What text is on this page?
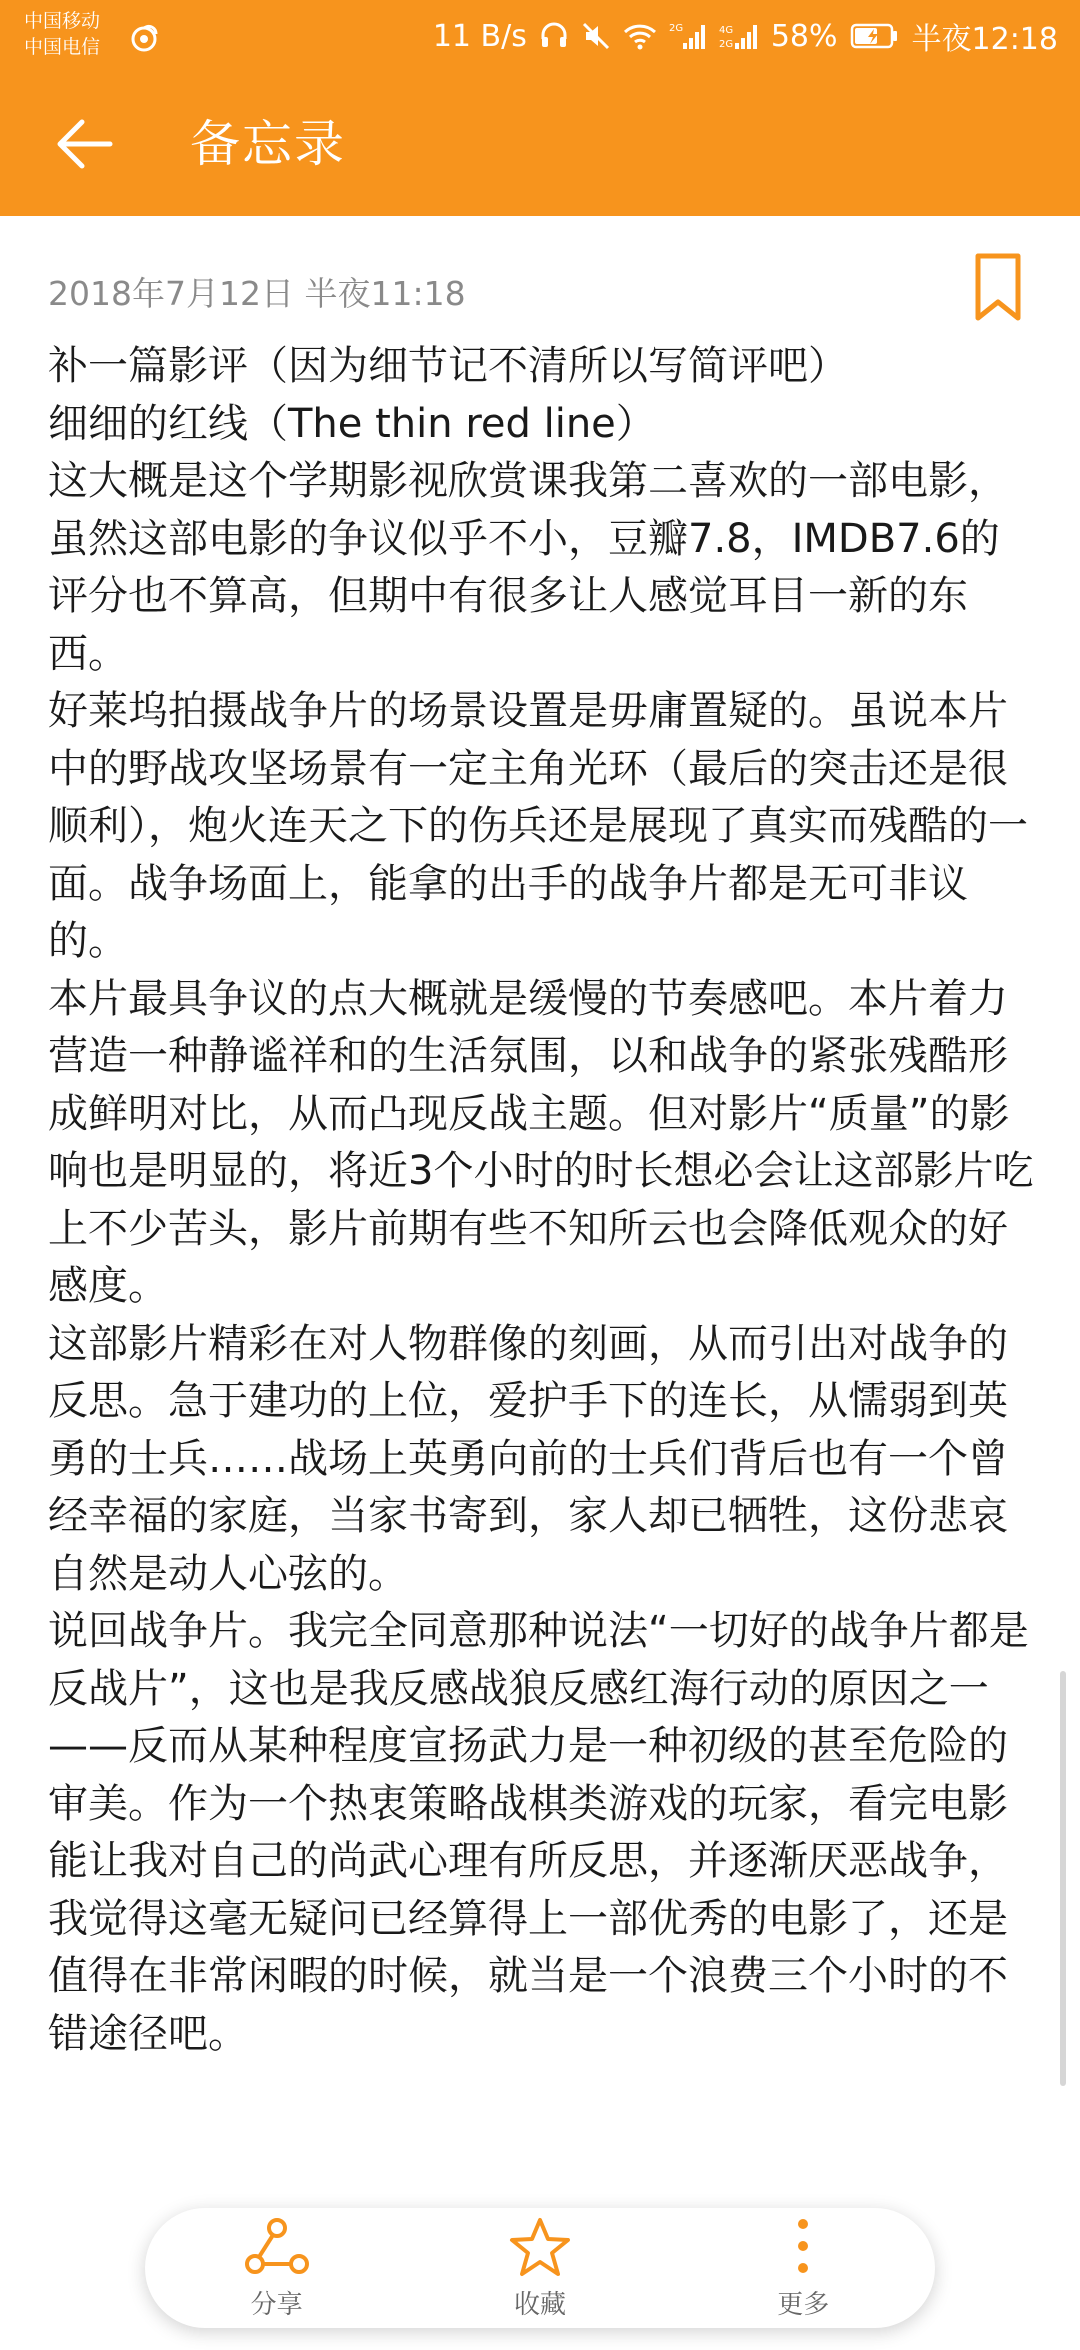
中国移动
中国电信	11 B/s	2G	4G
2G 58% 半夜12:18
备忘录
2018年7月12日 半夜11:18

补一篇影评（因为细节记不清所以写简评吧）

细细的红线（The thin red line）

这大概是这个学期影视欣赏课我第二喜欢的一部电影，虽然这部电影的争议似乎不小，豆瓣7.8，IMDB7.6的评分也不算高，但期中有很多让人感觉耳目一新的东西。

好莱坞拍摄战争片的场景设置是毋庸置疑的。虽说本片中的野战攻坚场景有一定主角光环（最后的突击还是很顺利），炮火连天之下的伤兵还是展现了真实而残酷的一面。战争场面上，能拿的出手的战争片都是无可非议的。

本片最具争议的点大概就是缓慢的节奏感吧。本片着力营造一种静谧祥和的生活氛围，以和战争的紧张残酷形成鲜明对比，从而凸现反战主题。但对影片“质量”的影响也是明显的，将近3个小时的时长想必会让这部影片吃上不少苦头，影片前期有些不知所云也会降低观众的好感度。

这部影片精彩在对人物群像的刻画，从而引出对战争的反思。急于建功的上位，爱护手下的连长，从懦弱到英勇的士兵……战场上英勇向前的士兵们背后也有一个曾经幸福的家庭，当家书寄到，家人却已牺牲，这份悲哀自然是动人心弦的。

说回战争片。我完全同意那种说法“一切好的战争片都是反战片”，这也是我反感战狼反感红海行动的原因之一——反而从某种程度宣扬武力是一种初级的甚至危险的审美。作为一个热衷策略战棋类游戏的玩家，看完电影能让我对自己的尚武心理有所反思，并逐渐厌恶战争，我觉得这毫无疑问已经算得上一部优秀的电影了，还是值得在非常闲暇的时候，就当是一个浪费三个小时的不错途径吧。

分享	收藏	更多
